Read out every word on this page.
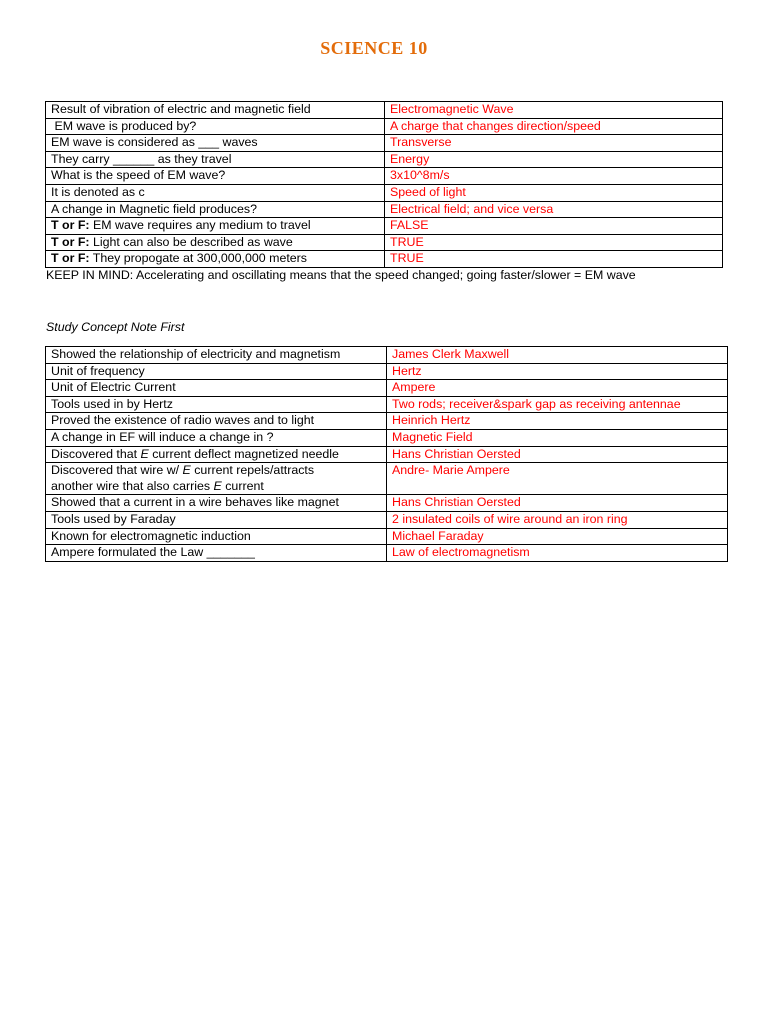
SCIENCE 10
Result of vibration of electric and magnetic field	Electromagnetic Wave
EM wave is produced by?	A charge that changes direction/speed
EM wave is considered as ___ waves	Transverse
They carry ______ as they travel	Energy
What is the speed of EM wave?	3x10^8m/s
It is denoted as c	Speed of light
A change in Magnetic field produces?	Electrical field; and vice versa
T or F: EM wave requires any medium to travel	FALSE
T or F: Light can also be described as wave	TRUE
T or F: They propogate at 300,000,000 meters	TRUE
KEEP IN MIND: Accelerating and oscillating means that the speed changed; going faster/slower = EM wave
Study Concept Note First
Showed the relationship of electricity and magnetism	James Clerk Maxwell
Unit of frequency	Hertz
Unit of Electric Current	Ampere
Tools used in by Hertz	Two rods; receiver&spark gap as receiving antennae
Proved the existence of radio waves and to light	Heinrich Hertz
A change in EF will induce a change in ?	Magnetic Field
Discovered that E current deflect magnetized needle	Hans Christian Oersted

Discovered that wire w/ E current repels/attracts
another wire that also carries E current	Andre- Marie Ampere
Showed that a current in a wire behaves like magnet	Hans Christian Oersted
Tools used by Faraday	2 insulated coils of wire around an iron ring
Known for electromagnetic induction	Michael Faraday
Ampere formulated the Law _______	Law of electromagnetism
